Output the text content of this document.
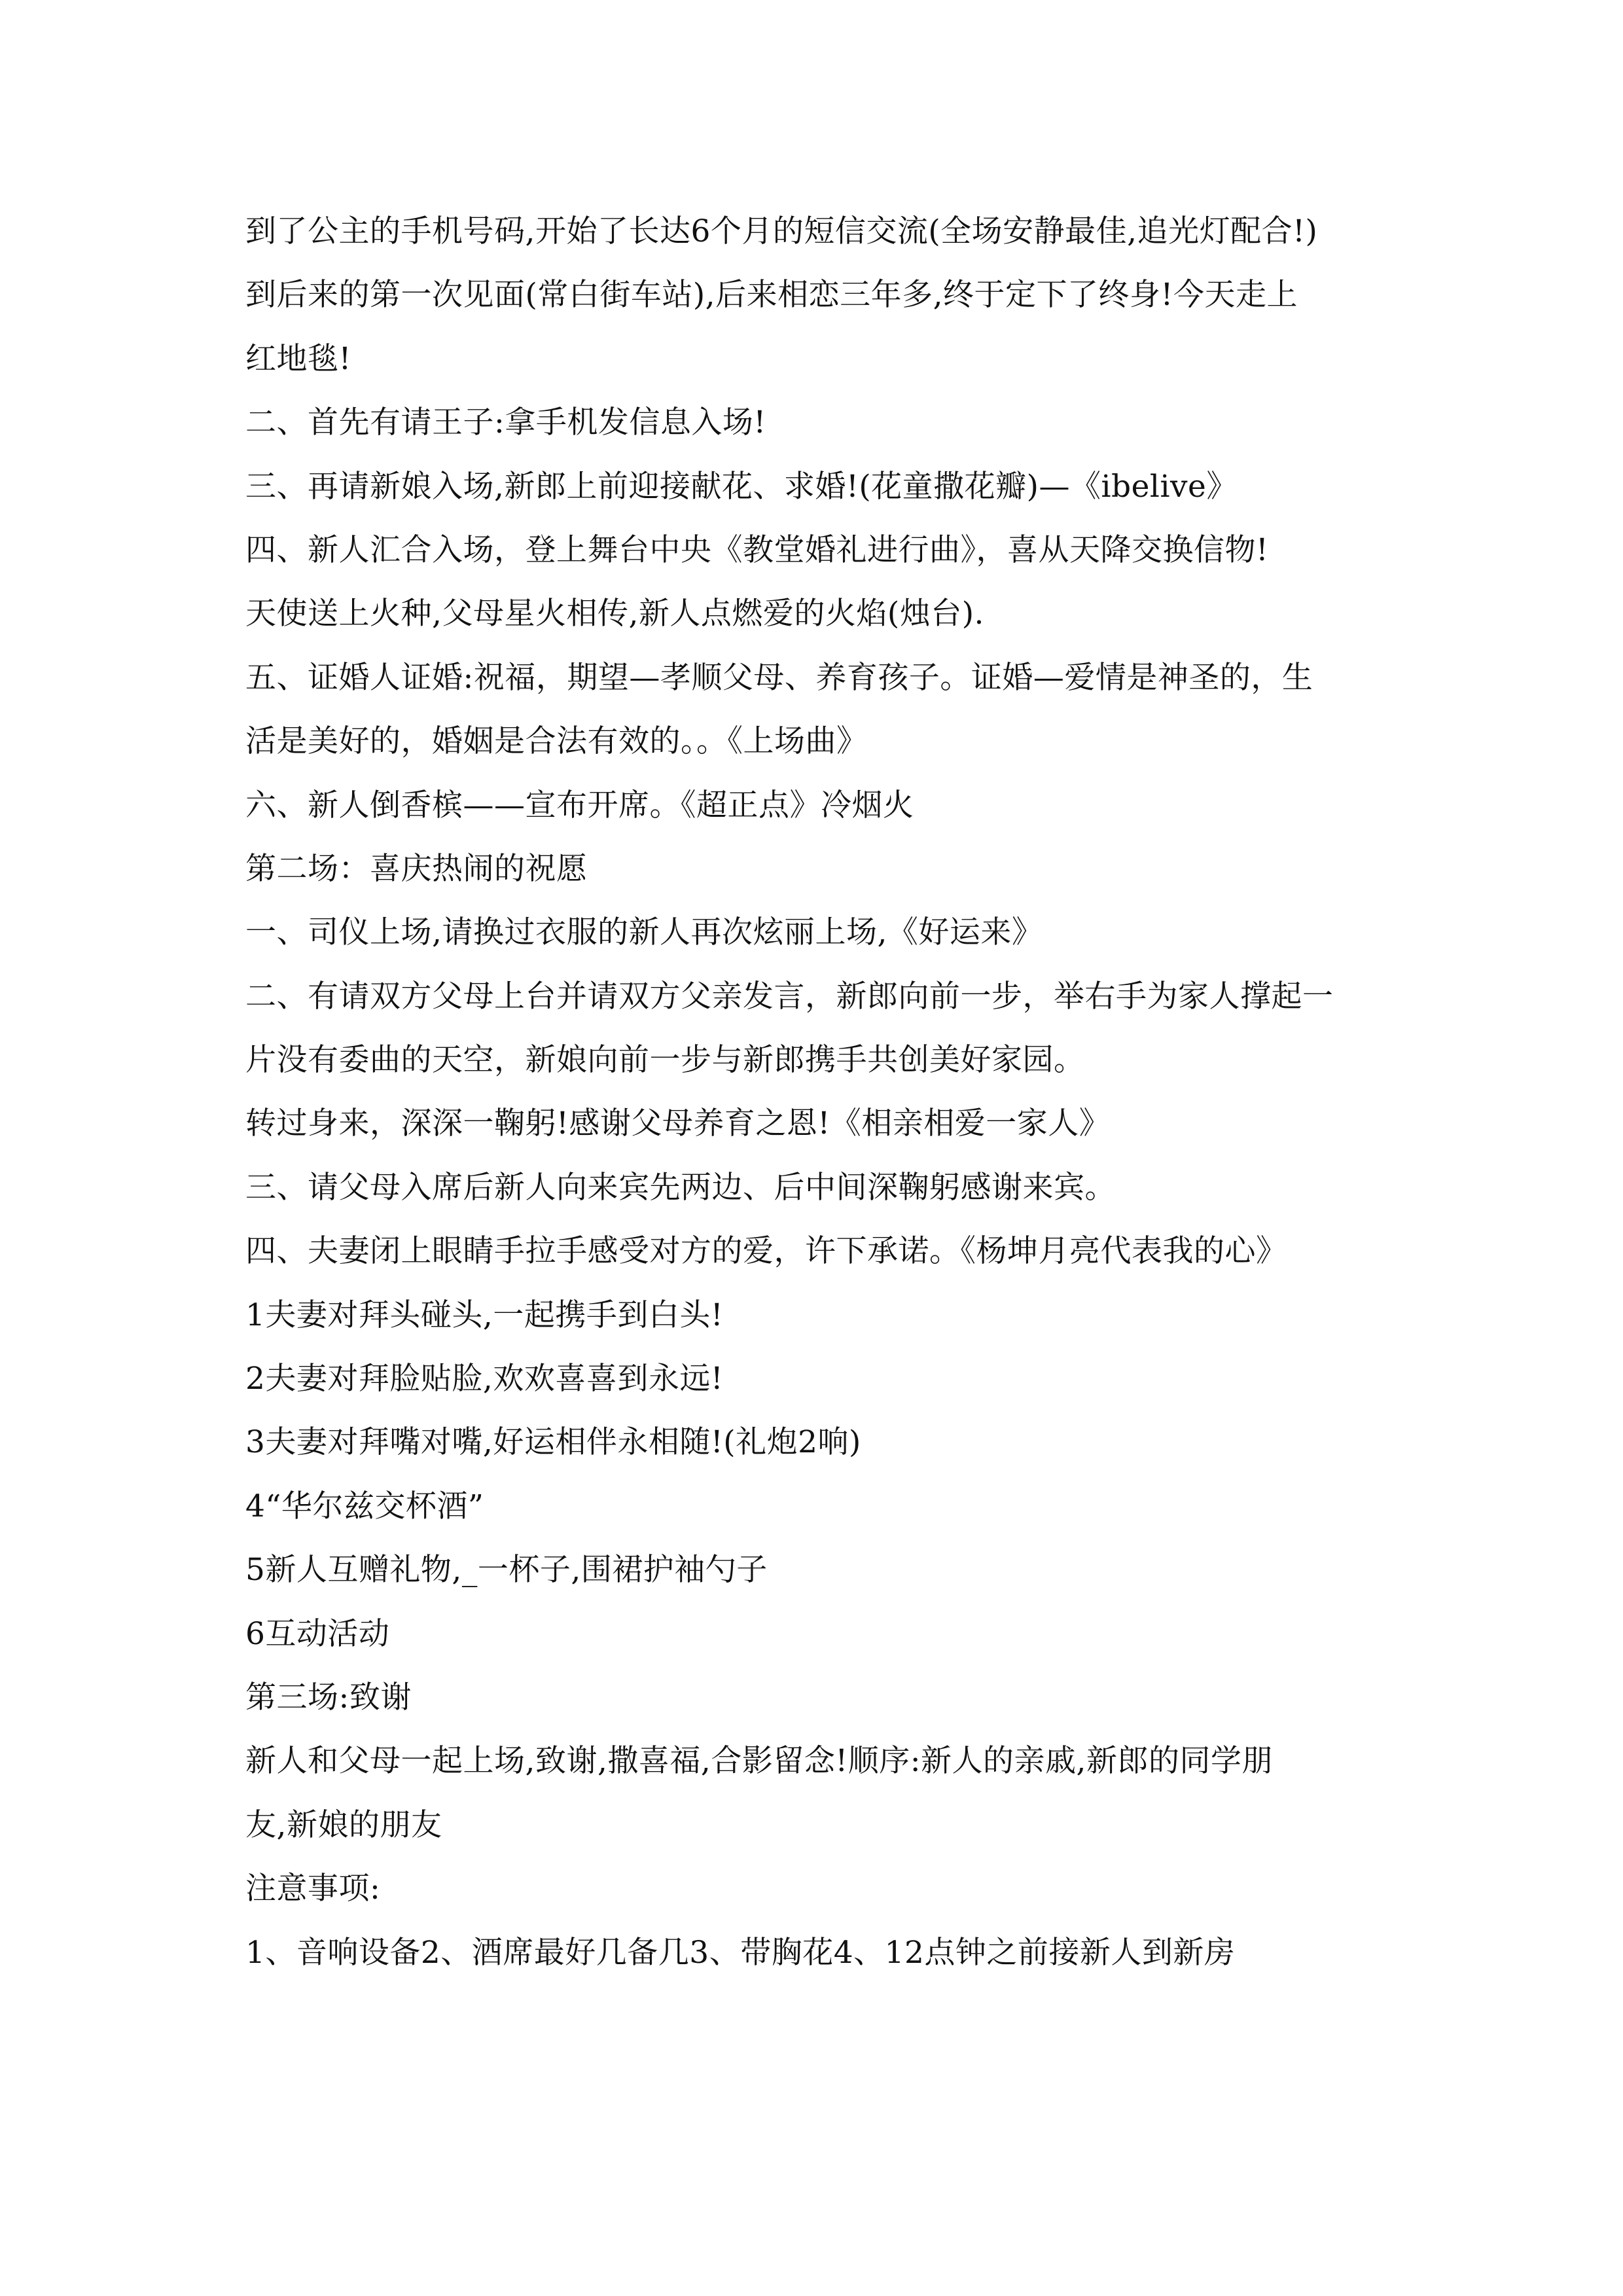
到了公主的手机号码,开始了长达6个月的短信交流(全场安静最佳,追光灯配合!)
到后来的第一次见面(常白街车站),后来相恋三年多,终于定下了终身!今天走上
红地毯!
二、首先有请王子:拿手机发信息入场!
三、再请新娘入场,新郎上前迎接献花、求婚!(花童撒花瓣)—《ibelive》
四、新人汇合入场，登上舞台中央《教堂婚礼进行曲》，喜从天降交换信物!
天使送上火种,父母星火相传,新人点燃爱的火焰(烛台).
五、证婚人证婚:祝福，期望—孝顺父母、养育孩子。证婚—爱情是神圣的，生
活是美好的，婚姻是合法有效的。。《上场曲》
六、新人倒香槟——宣布开席。《超正点》冷烟火
第二场：喜庆热闹的祝愿
一、司仪上场,请换过衣服的新人再次炫丽上场,《好运来》
二、有请双方父母上台并请双方父亲发言，新郎向前一步，举右手为家人撑起一
片没有委曲的天空，新娘向前一步与新郎携手共创美好家园。
转过身来，深深一鞠躬!感谢父母养育之恩!《相亲相爱一家人》
三、请父母入席后新人向来宾先两边、后中间深鞠躬感谢来宾。
四、夫妻闭上眼睛手拉手感受对方的爱，许下承诺。《杨坤月亮代表我的心》
1夫妻对拜头碰头,一起携手到白头!
2夫妻对拜脸贴脸,欢欢喜喜到永远!
3夫妻对拜嘴对嘴,好运相伴永相随!(礼炮2响)
4“华尔兹交杯酒”
5新人互赠礼物,_一杯子,围裙护袖勺子
6互动活动
第三场:致谢
新人和父母一起上场,致谢,撒喜福,合影留念!顺序:新人的亲戚,新郎的同学朋
友,新娘的朋友
注意事项:
1、音响设备2、酒席最好几备几3、带胸花4、12点钟之前接新人到新房
